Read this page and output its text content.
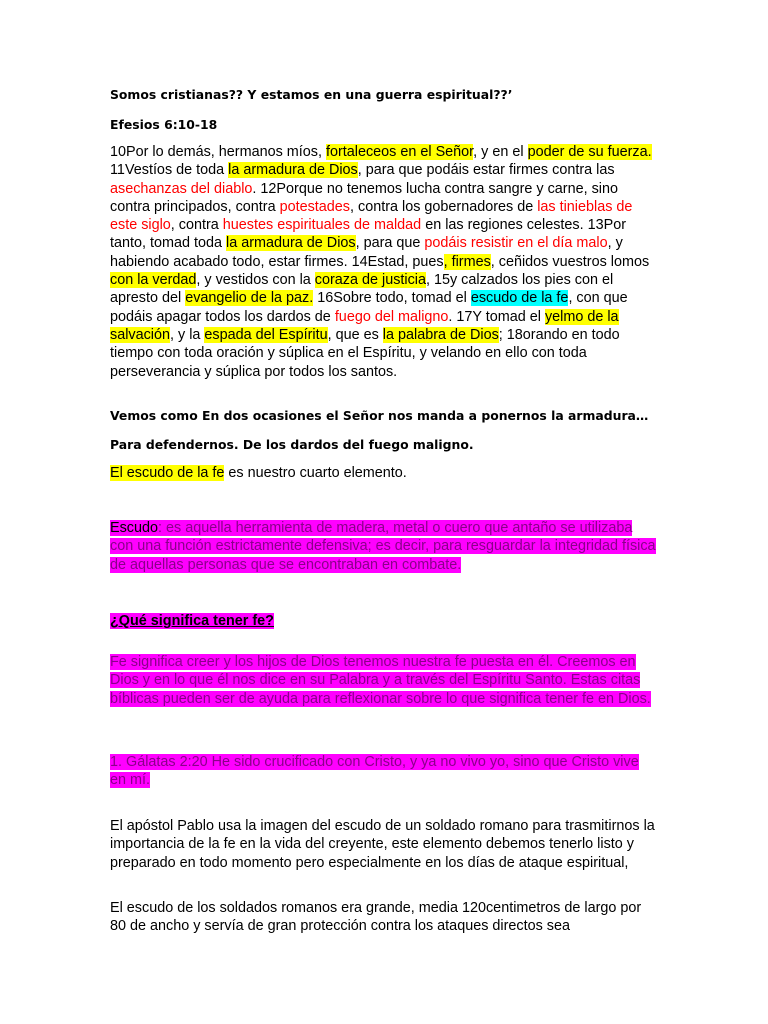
Somos cristianas?? Y estamos en una guerra espiritual??’

Efesios 6:10-18

10Por lo demás, hermanos míos, fortaleceos en el Señor, y en el poder de su fuerza. 11Vestíos de toda la armadura de Dios, para que podáis estar firmes contra las asechanzas del diablo. 12Porque no tenemos lucha contra sangre y carne, sino contra principados, contra potestades, contra los gobernadores de las tinieblas de este siglo, contra huestes espirituales de maldad en las regiones celestes. 13Por tanto, tomad toda la armadura de Dios, para que podáis resistir en el día malo, y habiendo acabado todo, estar firmes. 14Estad, pues, firmes, ceñidos vuestros lomos con la verdad, y vestidos con la coraza de justicia, 15y calzados los pies con el apresto del evangelio de la paz. 16Sobre todo, tomad el escudo de la fe, con que podáis apagar todos los dardos de fuego del maligno. 17Y tomad el yelmo de la salvación, y la espada del Espíritu, que es la palabra de Dios; 18orando en todo tiempo con toda oración y súplica en el Espíritu, y velando en ello con toda perseverancia y súplica por todos los santos.

Vemos como En dos ocasiones el Señor nos manda a ponernos la armadura…

Para defendernos. De los dardos del fuego maligno.

El escudo de la fe es nuestro cuarto elemento.

Escudo: es aquella herramienta de madera, metal o cuero que antaño se utilizaba con una función estrictamente defensiva; es decir, para resguardar la integridad física de aquellas personas que se encontraban en combate.

¿Qué significa tener fe?

Fe significa creer y los hijos de Dios tenemos nuestra fe puesta en él. Creemos en Dios y en lo que él nos dice en su Palabra y a través del Espíritu Santo. Estas citas bíblicas pueden ser de ayuda para reflexionar sobre lo que significa tener fe en Dios.

1. Gálatas 2:20 He sido crucificado con Cristo, y ya no vivo yo, sino que Cristo vive en mí.

El apóstol Pablo usa la imagen del escudo de un soldado romano para trasmitirnos la importancia de la fe en la vida del creyente, este elemento debemos tenerlo listo y preparado en todo momento pero especialmente en los días de ataque espiritual,

El escudo de los soldados romanos era grande, media 120centimetros de largo por 80 de ancho y servía de gran protección contra los ataques directos sea
